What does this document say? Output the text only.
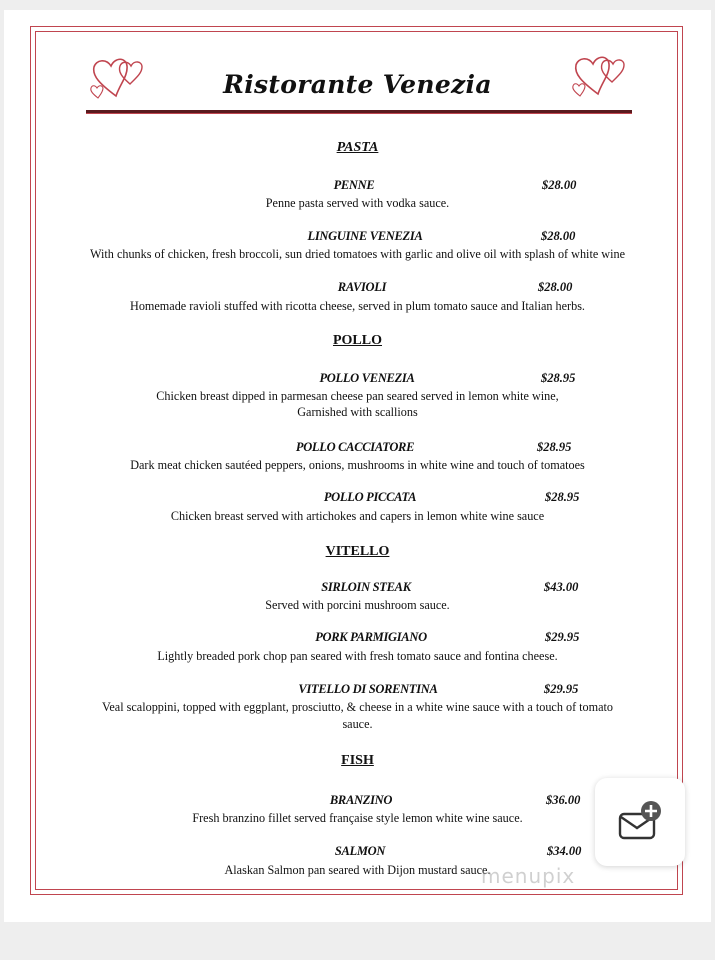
Ristorante Venezia
PASTA
PENNE	$28.00
Penne pasta served with vodka sauce.
LINGUINE VENEZIA	$28.00
With chunks of chicken, fresh broccoli, sun dried tomatoes with garlic and olive oil with splash of white wine
RAVIOLI	$28.00
Homemade ravioli stuffed with ricotta cheese, served in plum tomato sauce and Italian herbs.
POLLO
POLLO VENEZIA	$28.95
Chicken breast dipped in parmesan cheese pan seared served in lemon white wine,
Garnished with scallions
POLLO CACCIATORE	$28.95
Dark meat chicken sautéed peppers, onions, mushrooms in white wine and touch of tomatoes
POLLO PICCATA	$28.95
Chicken breast served with artichokes and capers in lemon white wine sauce
VITELLO
SIRLOIN STEAK	$43.00
Served with porcini mushroom sauce.
PORK PARMIGIANO	$29.95
Lightly breaded pork chop pan seared with fresh tomato sauce and fontina cheese.
VITELLO DI SORENTINA	$29.95
Veal scaloppini, topped with eggplant, prosciutto, & cheese in a white wine sauce with a touch of tomato
sauce.
FISH
BRANZINO	$36.00
Fresh branzino fillet served française style lemon white wine sauce.
SALMON	$34.00
Alaskan Salmon pan seared with Dijon mustard sauce.
menupix
